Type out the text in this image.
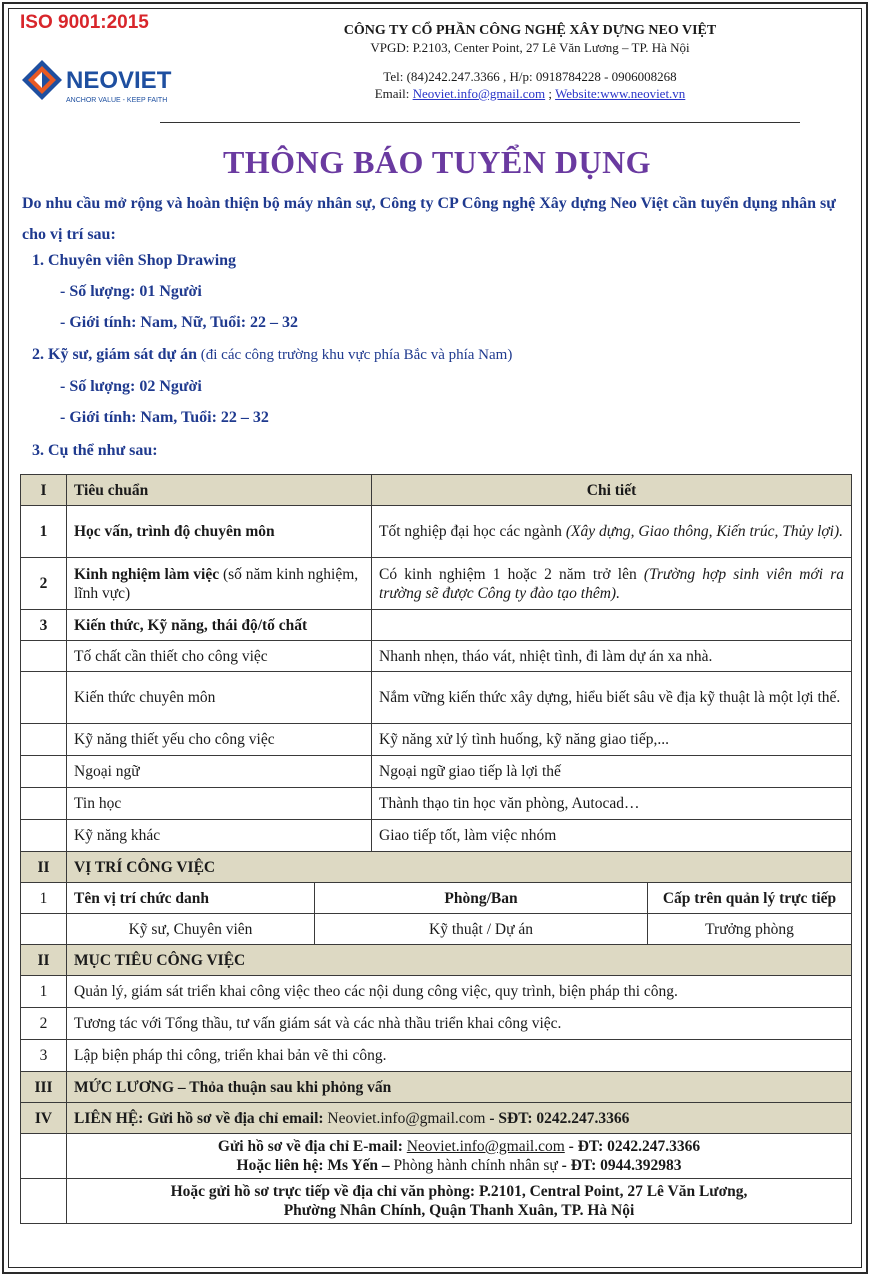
ISO 9001:2015
NEOVIET
ANCHOR VALUE - KEEP FAITH
CÔNG TY CỔ PHẦN CÔNG NGHỆ XÂY DỰNG NEO VIỆT
VPGD: P.2103, Center Point, 27 Lê Văn Lương – TP. Hà Nội
Tel: (84)242.247.3366 , H/p: 0918784228 - 0906008268
Email: Neoviet.info@gmail.com ; Website:www.neoviet.vn
THÔNG BÁO TUYỂN DỤNG
Do nhu cầu mở rộng và hoàn thiện bộ máy nhân sự, Công ty CP Công nghệ Xây dựng Neo Việt cần tuyển dụng nhân sự cho vị trí sau:
1. Chuyên viên Shop Drawing
- Số lượng: 01 Người
- Giới tính: Nam, Nữ, Tuổi: 22 – 32
2. Kỹ sư, giám sát dự án (đi các công trường khu vực phía Bắc và phía Nam)
- Số lượng: 02 Người
- Giới tính: Nam, Tuổi: 22 – 32
3. Cụ thể như sau:
I	Tiêu chuẩn		Chi tiết	
1	Học vấn, trình độ chuyên môn		Tốt nghiệp đại học các ngành (Xây dựng, Giao thông, Kiến trúc, Thủy lợi).	
2	Kinh nghiệm làm việc (số năm kinh nghiệm, lĩnh vực)		Có kinh nghiệm 1 hoặc 2 năm trở lên (Trường hợp sinh viên mới ra trường sẽ được Công ty đào tạo thêm).	
3	Kiến thức, Kỹ năng, thái độ/tố chất			
	Tố chất cần thiết cho công việc		Nhanh nhẹn, tháo vát, nhiệt tình, đi làm dự án xa nhà.	
	Kiến thức chuyên môn		Nắm vững kiến thức xây dựng, hiểu biết sâu về địa kỹ thuật là một lợi thế.	
	Kỹ năng thiết yếu cho công việc		Kỹ năng xử lý tình huống, kỹ năng giao tiếp,...	
	Ngoại ngữ		Ngoại ngữ giao tiếp là lợi thế	
	Tin học		Thành thạo tin học văn phòng, Autocad…	
	Kỹ năng khác		Giao tiếp tốt, làm việc nhóm	
II	VỊ TRÍ CÔNG VIỆC			
1	Tên vị trí chức danh	Phòng/Ban		Cấp trên quản lý trực tiếp
	Kỹ sư, Chuyên viên	Kỹ thuật / Dự án		Trưởng phòng
II	MỤC TIÊU CÔNG VIỆC			
1	Quản lý, giám sát triển khai công việc theo các nội dung công việc, quy trình, biện pháp thi công.			
2	Tương tác với Tổng thầu, tư vấn giám sát và các nhà thầu triển khai công việc.			
3	Lập biện pháp thi công, triển khai bản vẽ thi công.			
III	MỨC LƯƠNG – Thỏa thuận sau khi phỏng vấn			
IV	LIÊN HỆ: Gửi hồ sơ về địa chỉ email: Neoviet.info@gmail.com - SĐT: 0242.247.3366			

	Gửi hồ sơ về địa chỉ E-mail: Neoviet.info@gmail.com - ĐT: 0242.247.3366
Hoặc liên hệ: Ms Yến – Phòng hành chính nhân sự - ĐT: 0944.392983			

	Hoặc gửi hồ sơ trực tiếp về địa chỉ văn phòng: P.2101, Central Point, 27 Lê Văn Lương,
Phường Nhân Chính, Quận Thanh Xuân, TP. Hà Nội			
